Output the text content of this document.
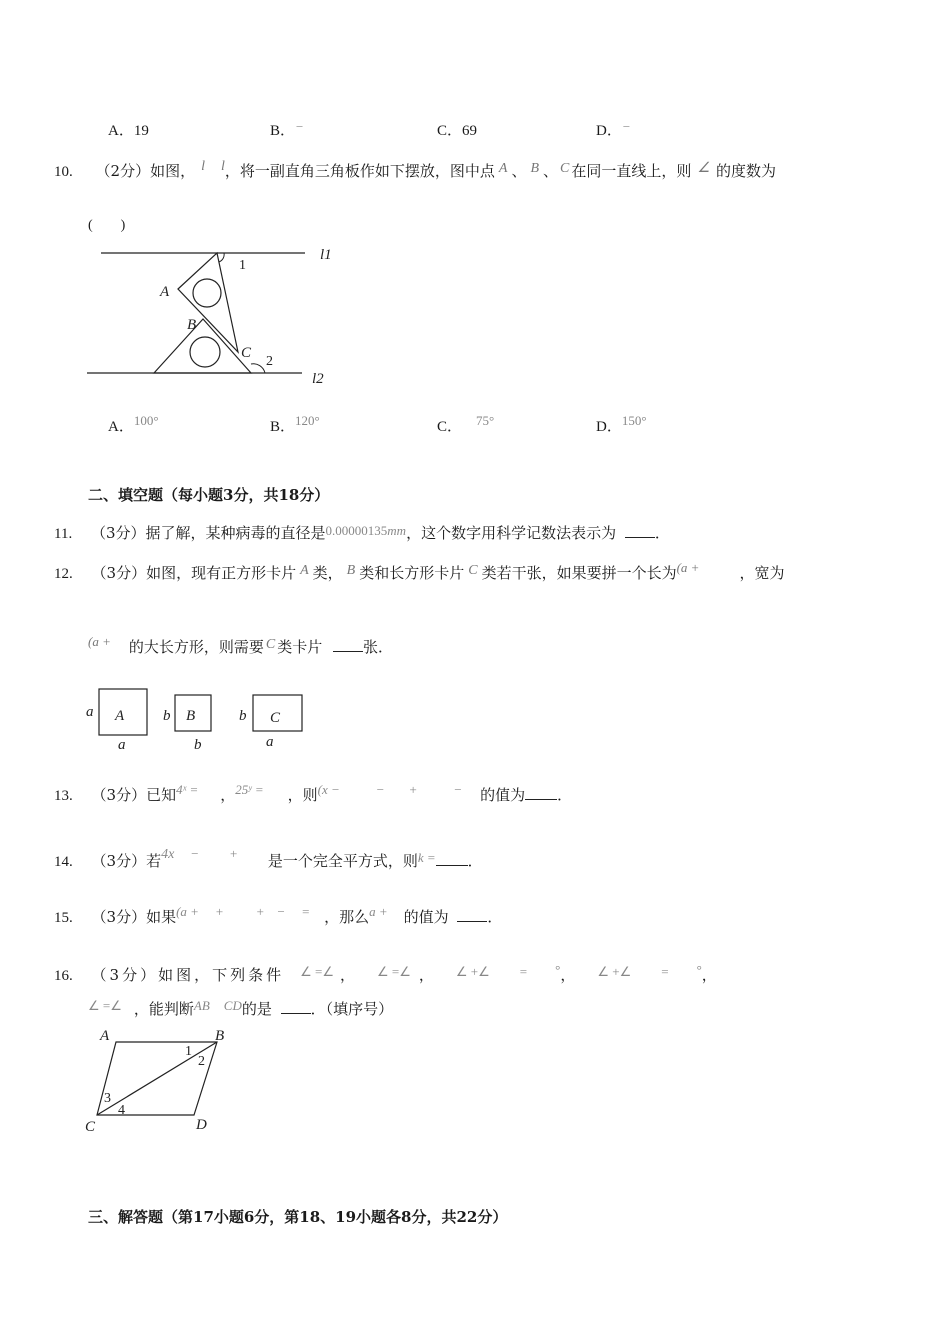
A．19	B．−	C．69	D．−
10. （2分）如图， l l，将一副直角三角板作如下摆放，图中点 A 、 B 、 C 在同一直线上，则 ∠ 的度数为
(　　)
l1
l2
A
B
C
1
2
A．100°	B．120°	C． 75°	D．150°
二、填空题（每小题3分，共18分）
11. （3分）据了解，某种病毒的直径是0.00000135mm，这个数字用科学记数法表示为	．
12. （3分）如图，现有正方形卡片 A 类， B 类和长方形卡片 C 类若干张，如果要拼一个长为(a +	，宽为
(a + 的大长方形，则需要 C 类卡片	张．
a A
a
b B
b
b C
a
13. （3分）已知4ˣ = ，25ʸ = ，则(x −	− +	− 的值为 ．
14. （3分）若4x − + 是一个完全平方式，则k = ．
15. （3分）如果(a + + + − = ，那么a + 的值为	．
16. （3分）如图，下列条件 ∠ =∠ ， ∠ =∠ ， ∠ +∠ = °， ∠ +∠ = °，
∠ =∠ ，能判断AB CD的是	．（填序号）
A	B
C	D
1
2
3
4
三、解答题（第17小题6分，第18、19小题各8分，共22分）
